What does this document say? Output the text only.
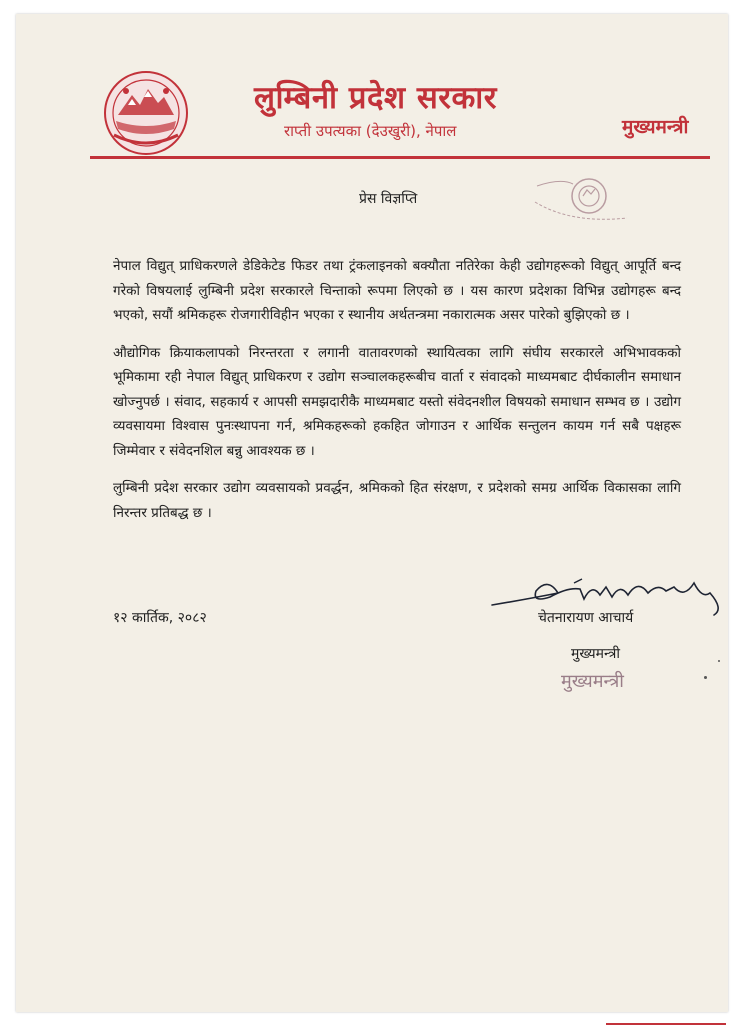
लुम्बिनी प्रदेश सरकार
राप्ती उपत्यका (देउखुरी), नेपाल	मुख्यमन्त्री
प्रेस विज्ञप्ति

नेपाल विद्युत् प्राधिकरणले डेडिकेटेड फिडर तथा ट्रंकलाइनको बक्यौता नतिरेका केही उद्योगहरूको विद्युत् आपूर्ति बन्द गरेको विषयलाई लुम्बिनी प्रदेश सरकारले चिन्ताको रूपमा लिएको छ । यस कारण प्रदेशका विभिन्न उद्योगहरू बन्द भएको, सयौं श्रमिकहरू रोजगारीविहीन भएका र स्थानीय अर्थतन्त्रमा नकारात्मक असर पारेको बुझिएको छ ।

औद्योगिक क्रियाकलापको निरन्तरता र लगानी वातावरणको स्थायित्वका लागि संघीय सरकारले अभिभावकको भूमिकामा रही नेपाल विद्युत् प्राधिकरण र उद्योग सञ्चालकहरूबीच वार्ता र संवादको माध्यमबाट दीर्घकालीन समाधान खोज्नुपर्छ । संवाद, सहकार्य र आपसी समझदारीकै माध्यमबाट यस्तो संवेदनशील विषयको समाधान सम्भव छ । उद्योग व्यवसायमा विश्वास पुनःस्थापना गर्न, श्रमिकहरूको हकहित जोगाउन र आर्थिक सन्तुलन कायम गर्न सबै पक्षहरू जिम्मेवार र संवेदनशिल बन्नु आवश्यक छ ।

लुम्बिनी प्रदेश सरकार उद्योग व्यवसायको प्रवर्द्धन, श्रमिकको हित संरक्षण, र प्रदेशको समग्र आर्थिक विकासका लागि निरन्तर प्रतिबद्ध छ ।

१२ कार्तिक, २०८२	चेतनारायण आचार्य
मुख्यमन्त्री
मुख्यमन्त्री
